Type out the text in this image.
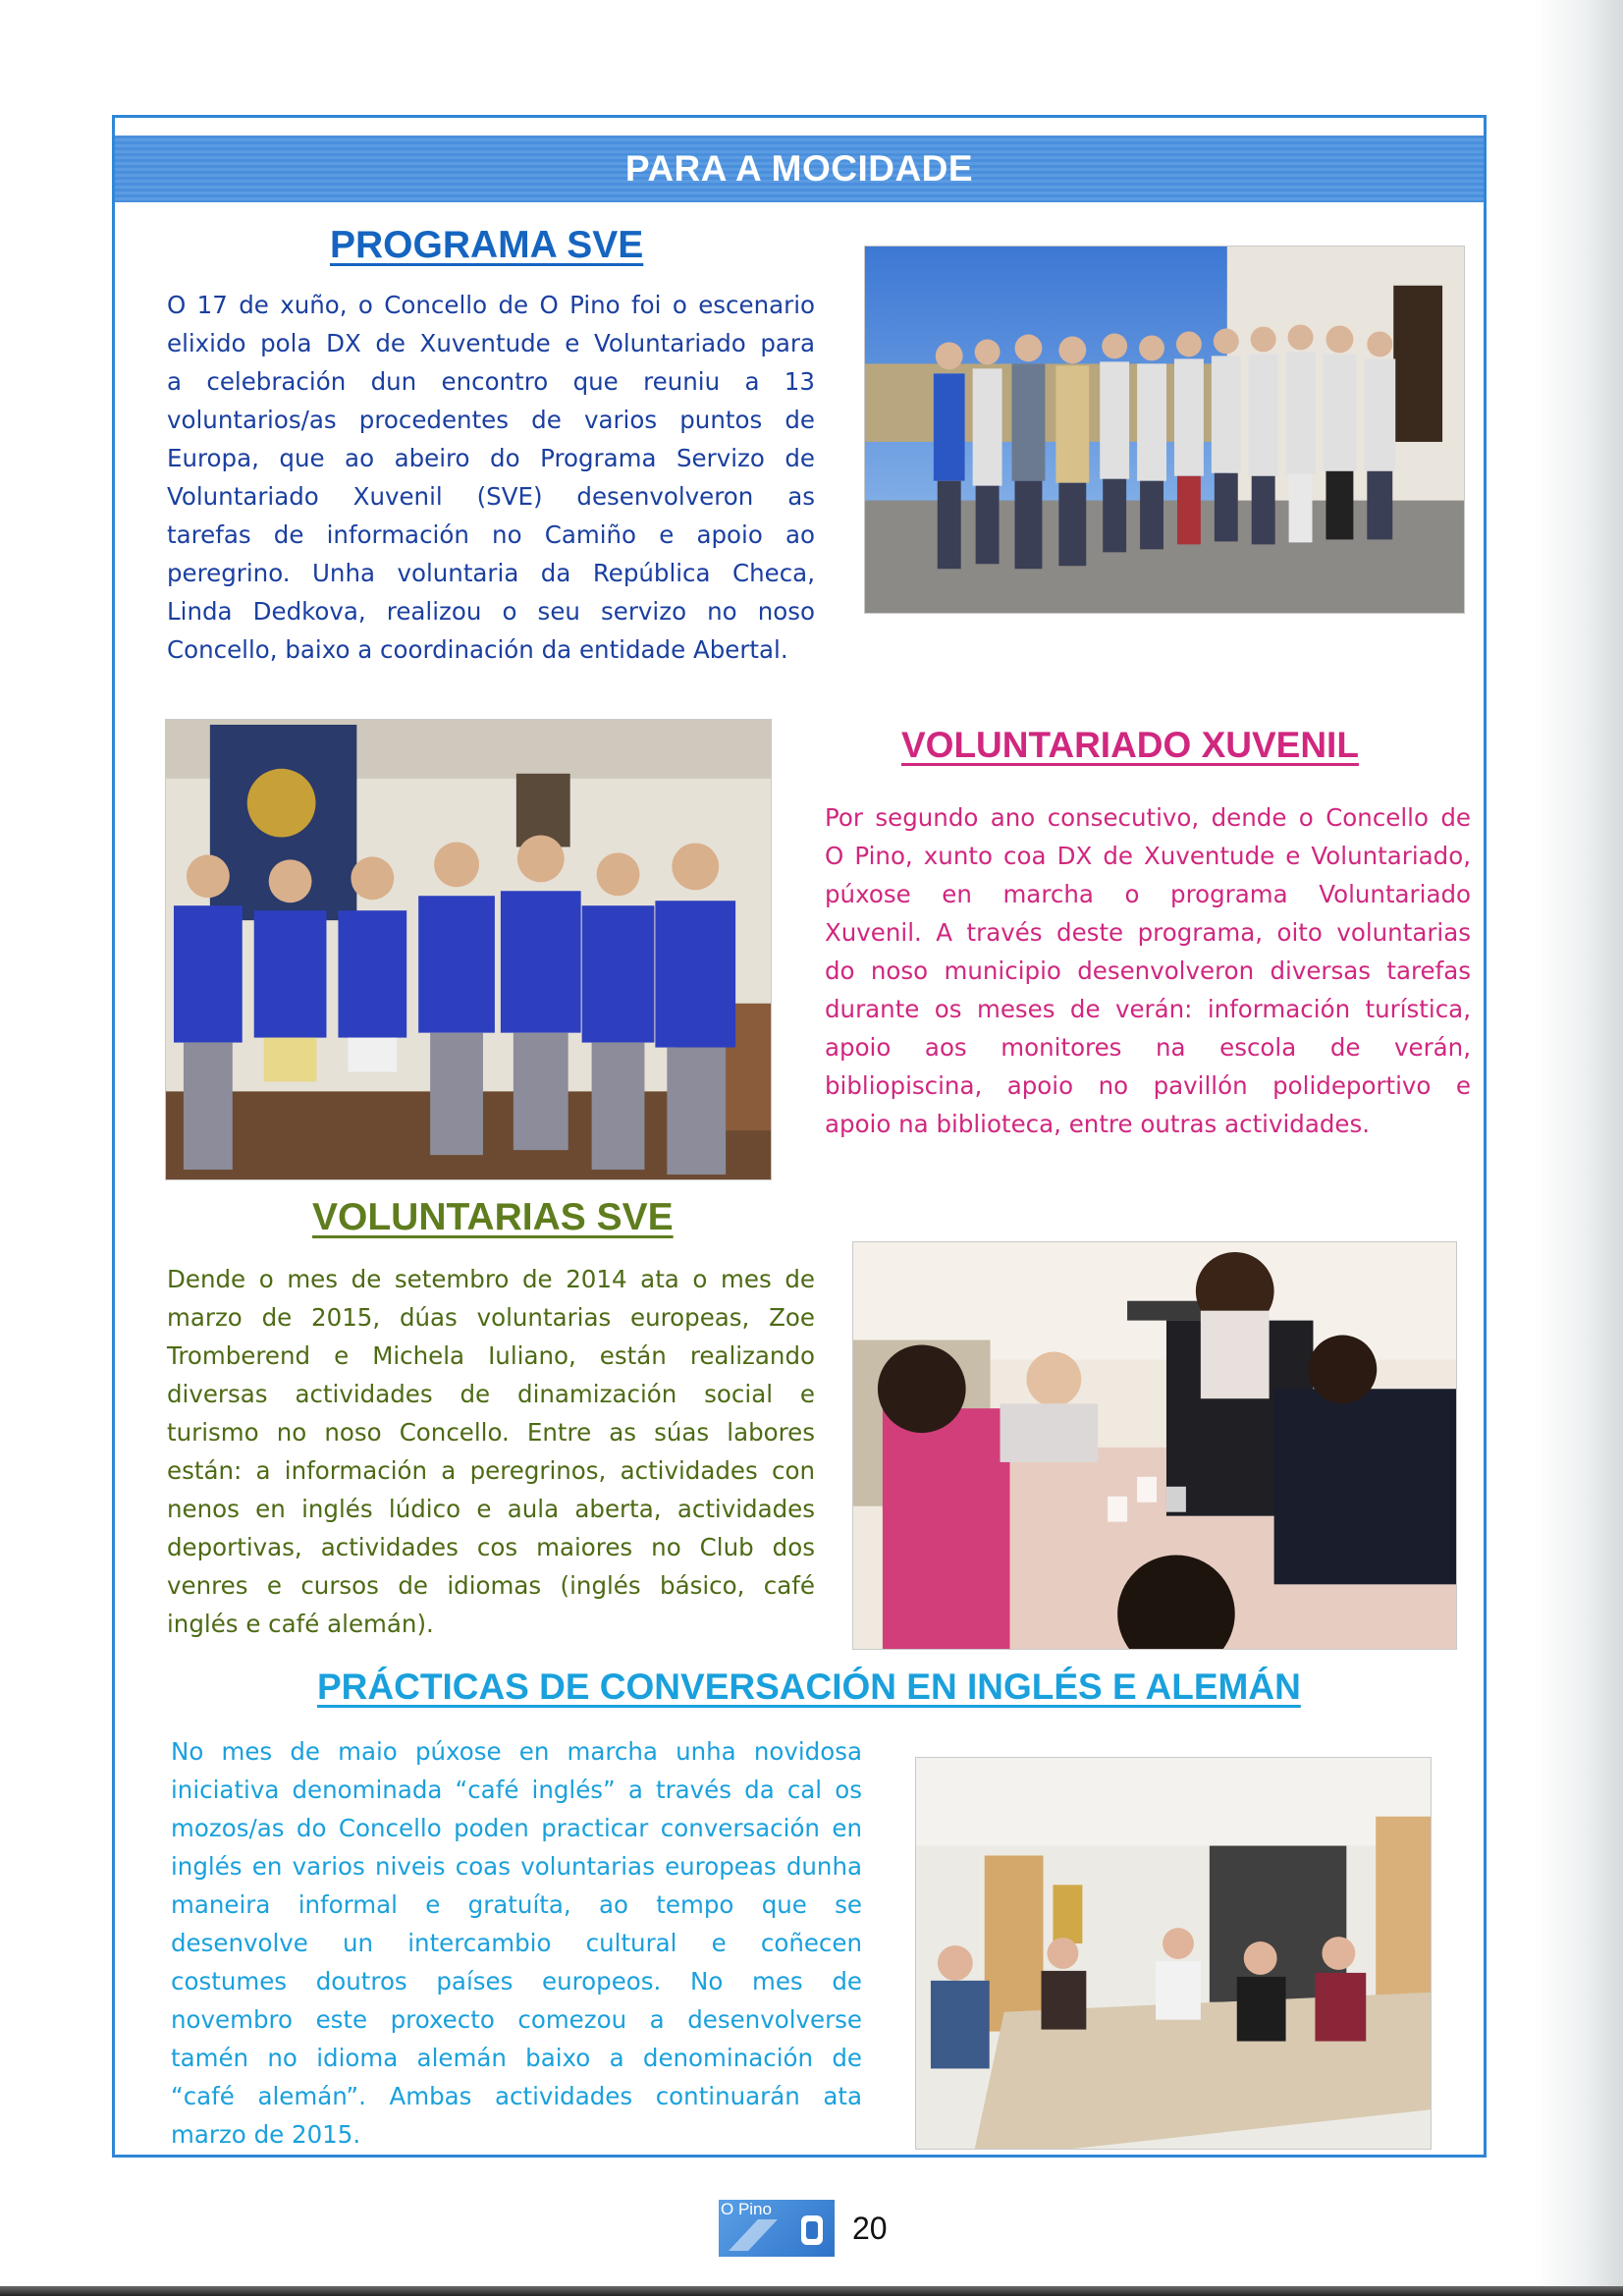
PARA A MOCIDADE
PROGRAMA SVE
O 17 de xuño, o Concello de O Pino foi o escenario
elixido pola DX de Xuventude e Voluntariado para
a celebración dun encontro que reuniu a 13
voluntarios/as procedentes de varios puntos de
Europa, que ao abeiro do Programa Servizo de
Voluntariado Xuvenil (SVE) desenvolveron as
tarefas de información no Camiño e apoio ao
peregrino. Unha voluntaria da República Checa,
Linda Dedkova, realizou o seu servizo no noso
Concello, baixo a coordinación da entidade Abertal.
VOLUNTARIADO XUVENIL
Por segundo ano consecutivo, dende o Concello de
O Pino, xunto coa DX de Xuventude e Voluntariado,
púxose en marcha o programa Voluntariado
Xuvenil. A través deste programa, oito voluntarias
do noso municipio desenvolveron diversas tarefas
durante os meses de verán: información turística,
apoio aos monitores na escola de verán,
bibliopiscina, apoio no pavillón polideportivo e
apoio na biblioteca, entre outras actividades.
VOLUNTARIAS SVE
Dende o mes de setembro de 2014 ata o mes de
marzo de 2015, dúas voluntarias europeas, Zoe
Tromberend e Michela Iuliano, están realizando
diversas actividades de dinamización social e
turismo no noso Concello. Entre as súas labores
están: a información a peregrinos, actividades con
nenos en inglés lúdico e aula aberta, actividades
deportivas, actividades cos maiores no Club dos
venres e cursos de idiomas (inglés básico, café
inglés e café alemán).
PRÁCTICAS DE CONVERSACIÓN EN INGLÉS E ALEMÁN
No mes de maio púxose en marcha unha novidosa
iniciativa denominada “café inglés” a través da cal os
mozos/as do Concello poden practicar conversación en
inglés en varios niveis coas voluntarias europeas dunha
maneira informal e gratuíta, ao tempo que se
desenvolve un intercambio cultural e coñecen
costumes doutros países europeos. No mes de
novembro este proxecto comezou a desenvolverse
tamén no idioma alemán baixo a denominación de
“café alemán”. Ambas actividades continuarán ata
marzo de 2015.
O Pino
20
